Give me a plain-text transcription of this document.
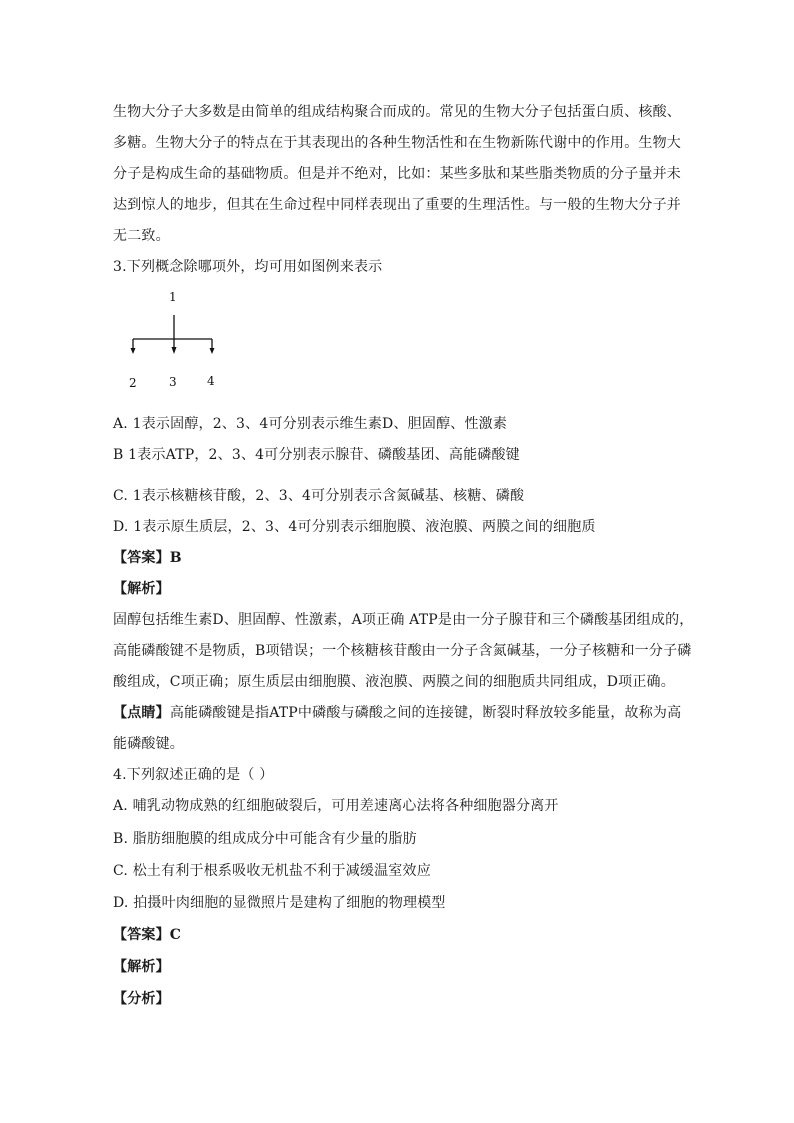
生物大分子大多数是由简单的组成结构聚合而成的。常见的生物大分子包括蛋白质、核酸、
多糖。生物大分子的特点在于其表现出的各种生物活性和在生物新陈代谢中的作用。生物大
分子是构成生命的基础物质。但是并不绝对，比如：某些多肽和某些脂类物质的分子量并未
达到惊人的地步，但其在生命过程中同样表现出了重要的生理活性。与一般的生物大分子并
无二致。
3.下列概念除哪项外，均可用如图例来表示
1
2	3	4
A. 1表示固醇，2、3、4可分别表示维生素D、胆固醇、性激素
B 1表示ATP，2、3、4可分别表示腺苷、磷酸基团、高能磷酸键
C. 1表示核糖核苷酸，2、3、4可分别表示含氮碱基、核糖、磷酸
D. 1表示原生质层，2、3、4可分别表示细胞膜、液泡膜、两膜之间的细胞质
【答案】B
【解析】
固醇包括维生素D、胆固醇、性激素，A项正确 ATP是由一分子腺苷和三个磷酸基团组成的，
高能磷酸键不是物质，B项错误；一个核糖核苷酸由一分子含氮碱基，一分子核糖和一分子磷
酸组成，C项正确；原生质层由细胞膜、液泡膜、两膜之间的细胞质共同组成，D项正确。
【点睛】高能磷酸键是指ATP中磷酸与磷酸之间的连接键，断裂时释放较多能量，故称为高
能磷酸键。
4.下列叙述正确的是（ ）
A. 哺乳动物成熟的红细胞破裂后，可用差速离心法将各种细胞器分离开
B. 脂肪细胞膜的组成成分中可能含有少量的脂肪
C. 松土有利于根系吸收无机盐不利于减缓温室效应
D. 拍摄叶肉细胞的显微照片是建构了细胞的物理模型
【答案】C
【解析】
【分析】
